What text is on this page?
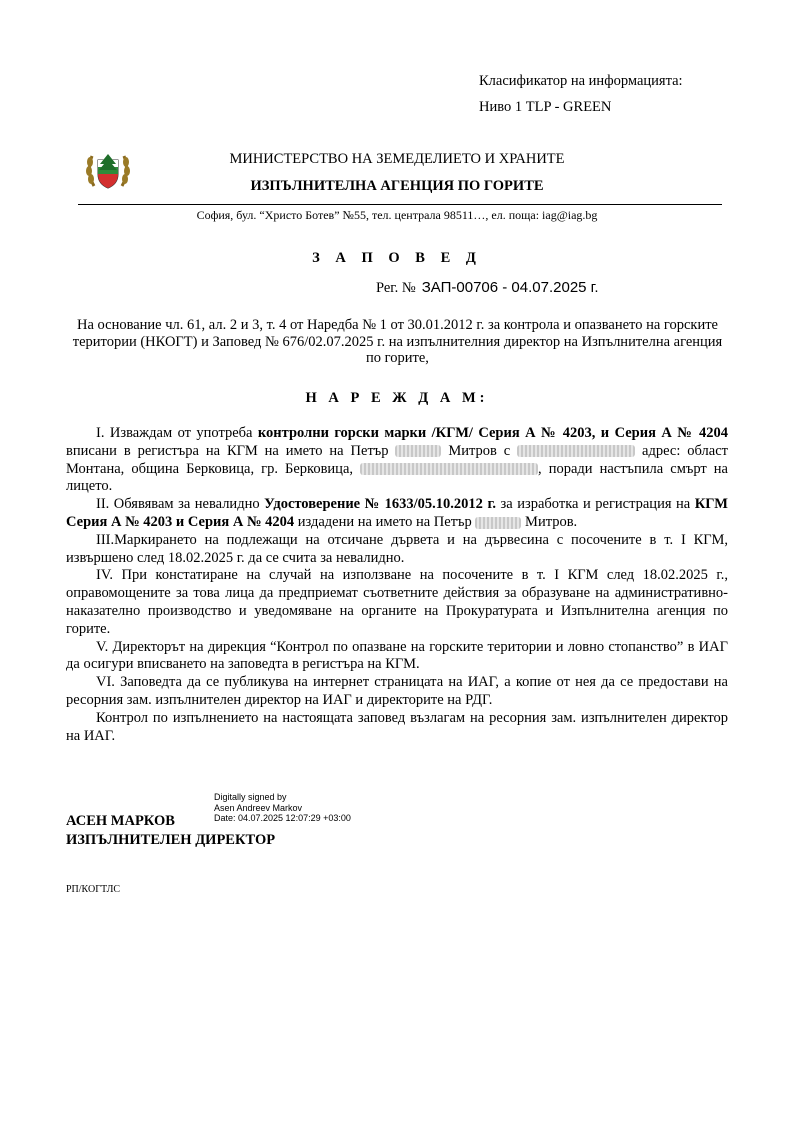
Класификатор на информацията:
Ниво 1 TLP - GREEN
МИНИСТЕРСТВО НА ЗЕМЕДЕЛИЕТО И ХРАНИТЕ
ИЗПЪЛНИТЕЛНА АГЕНЦИЯ ПО ГОРИТЕ
София, бул. “Христо Ботев” №55, тел. централа 98511…, ел. поща: iag@iag.bg
З А П О В Е Д
Рег. № ЗАП-00706 - 04.07.2025 г.
На основание чл. 61, ал. 2 и 3, т. 4 от Наредба № 1 от 30.01.2012 г. за контрола и опазването на горските територии (НКОГТ) и Заповед № 676/02.07.2025 г. на изпълнителния директор на Изпълнителна агенция по горите,
Н А Р Е Ж Д А М:

I. Изваждам от употреба контролни горски марки /КГМ/ Серия А № 4203, и Серия А № 4204 вписани в регистъра на КГМ на името на Петър	Митров с	адрес: област Монтана, община Берковица, гр. Берковица,	, поради настъпила смърт на лицето.

II. Обявявам за невалидно Удостоверение № 1633/05.10.2012 г. за изработка и регистрация на КГМ Серия А № 4203 и Серия А № 4204 издадени на името на Петър	Митров.

III.Маркирането на подлежащи на отсичане дървета и на дървесина с посочените в т. I КГМ, извършено след 18.02.2025 г. да се счита за невалидно.

IV. При констатиране на случай на използване на посочените в т. I КГМ след 18.02.2025 г., оправомощените за това лица да предприемат съответните действия за образуване на административно-наказателно производство и уведомяване на органите на Прокуратурата и Изпълнителна агенция по горите.

V. Директорът на дирекция “Контрол по опазване на горските територии и ловно стопанство” в ИАГ да осигури вписването на заповедта в регистъра на КГМ.

VI. Заповедта да се публикува на интернет страницата на ИАГ, а копие от нея да се предостави на ресорния зам. изпълнителен директор на ИАГ и директорите на РДГ.

Контрол по изпълнението на настоящата заповед възлагам на ресорния зам. изпълнителен директор на ИАГ.

Digitally signed by
Asen Andreev Markov
Date: 04.07.2025 12:07:29 +03:00
АСЕН МАРКОВ
ИЗПЪЛНИТЕЛЕН ДИРЕКТОР
РП/КОГТЛС
